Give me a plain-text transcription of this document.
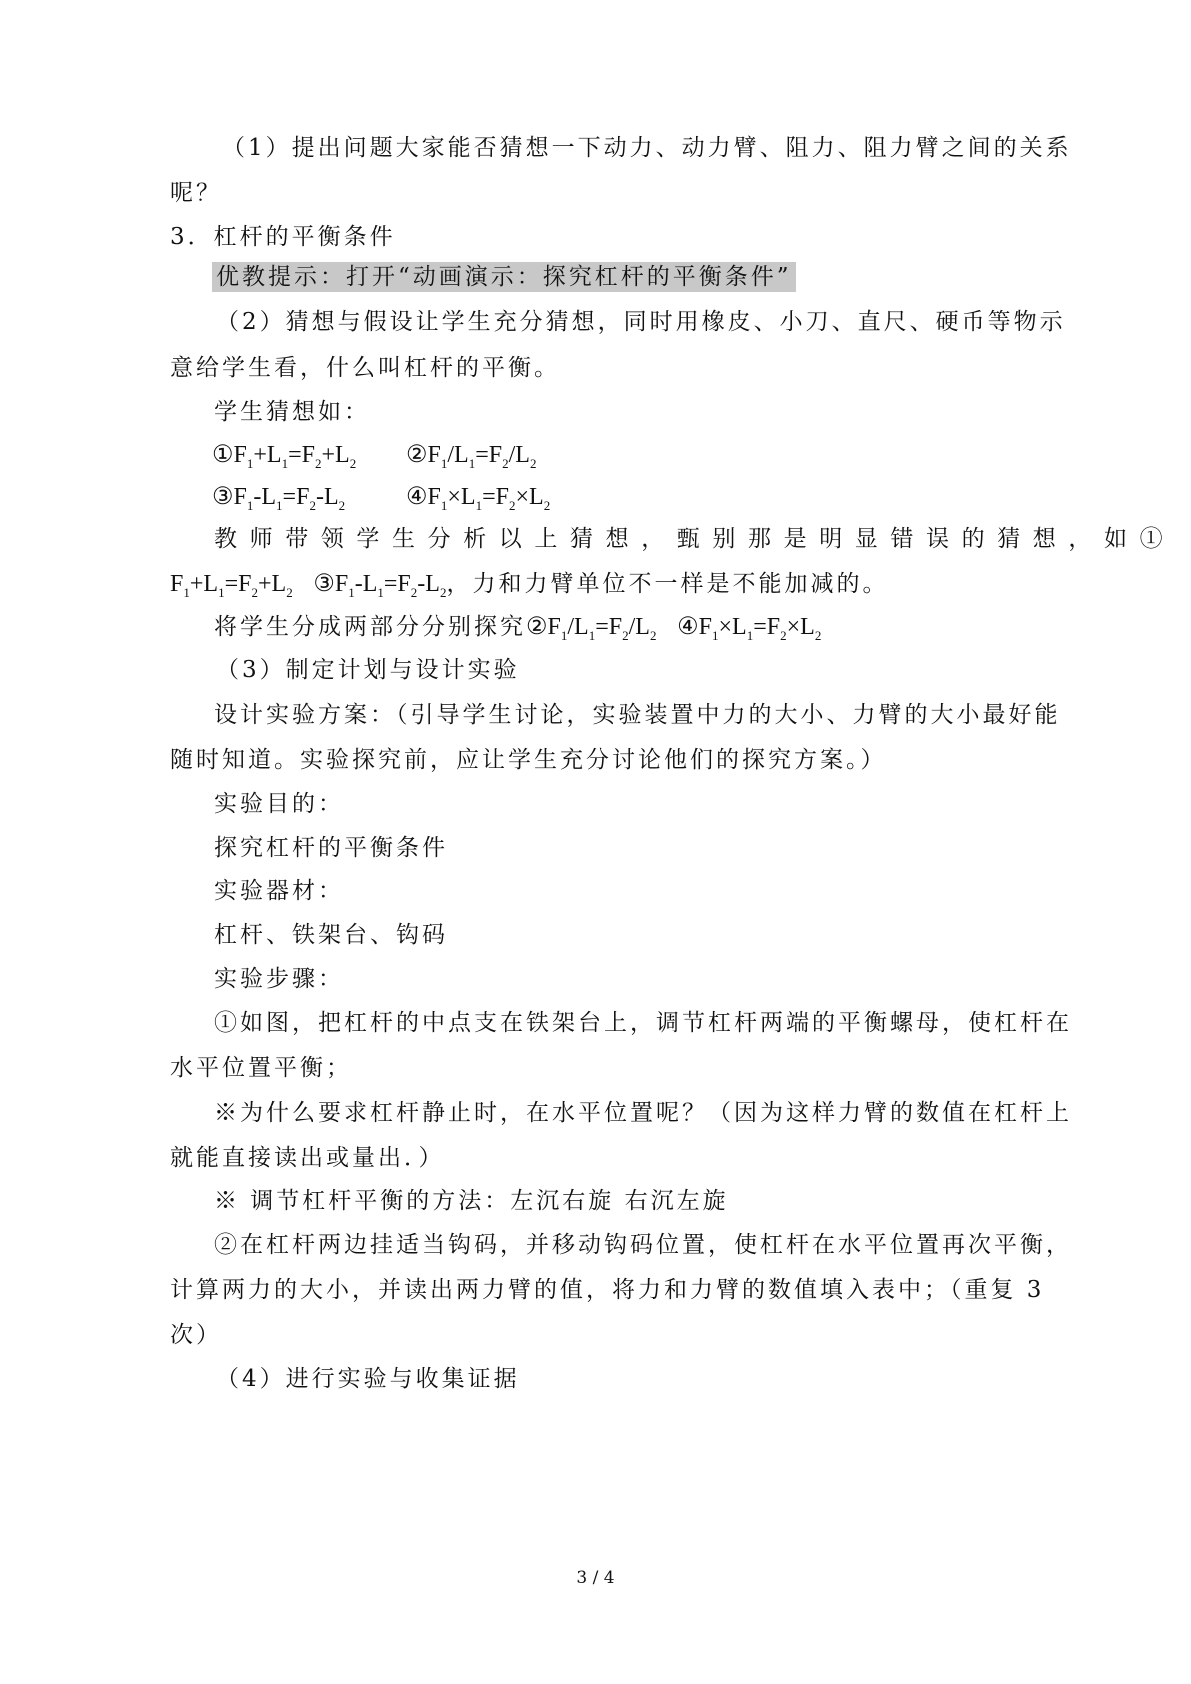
（1）提出问题大家能否猜想一下动力、动力臂、阻力、阻力臂之间的关系
呢？
3．杠杆的平衡条件
优教提示：打开“动画演示：探究杠杆的平衡条件”
（2）猜想与假设让学生充分猜想，同时用橡皮、小刀、直尺、硬币等物示
意给学生看，什么叫杠杆的平衡。
学生猜想如：
$①F_1+L_1=F_2+L_2$ $②F_1/L_1=F_2/L_2$
$③F_1-L_1=F_2-L_2$	$④F_1\times L_1=F_2\times L_2$
教师带领学生分析以上猜想，甄别那是明显错误的猜想，如①
$F_1+L_1=F_2+L_2$ $③F_1-L_1=F_2-L_2$，力和力臂单位不一样是不能加减的。
将学生分成两部分分别探究$②F_1/L_1=F_2/L_2$ $④F_1\times L_1=F_2\times L_2$
（3）制定计划与设计实验
设计实验方案：（引导学生讨论，实验装置中力的大小、力臂的大小最好能
随时知道。实验探究前，应让学生充分讨论他们的探究方案。）
实验目的：
探究杠杆的平衡条件
实验器材：
杠杆、铁架台、钩码
实验步骤：
①如图，把杠杆的中点支在铁架台上，调节杠杆两端的平衡螺母，使杠杆在
水平位置平衡；
※为什么要求杠杆静止时，在水平位置呢？（因为这样力臂的数值在杠杆上
就能直接读出或量出．）
※ 调节杠杆平衡的方法：左沉右旋 右沉左旋
②在杠杆两边挂适当钩码，并移动钩码位置，使杠杆在水平位置再次平衡，
计算两力的大小，并读出两力臂的值，将力和力臂的数值填入表中；（重复 3
次）
（4）进行实验与收集证据
3 / 4
